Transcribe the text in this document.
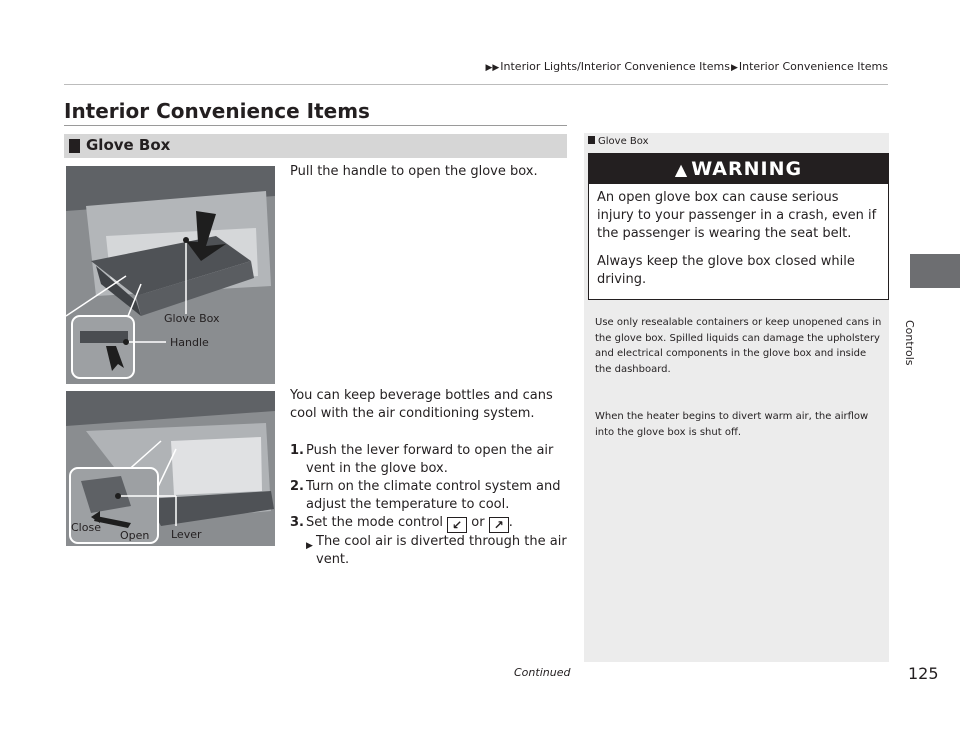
▶▶Interior Lights/Interior Convenience Items▶Interior Convenience Items
Interior Convenience Items
Glove Box
Glove Box
Handle
Pull the handle to open the glove box.
Close
Open Lever
You can keep beverage bottles and cans cool with the air conditioning system.
1. Push the lever forward to open the air vent in the glove box.
2. Turn on the climate control system and adjust the temperature to cool.
3. Set the mode control ↙ or ↗ .
▶ The cool air is diverted through the air vent.
Glove Box
▲ WARNING

An open glove box can cause serious injury to your passenger in a crash, even if the passenger is wearing the seat belt.

Always keep the glove box closed while driving.

Use only resealable containers or keep unopened cans in the glove box. Spilled liquids can damage the upholstery and electrical components in the glove box and inside the dashboard.
When the heater begins to divert warm air, the airflow into the glove box is shut off.
Continued	125
Controls
